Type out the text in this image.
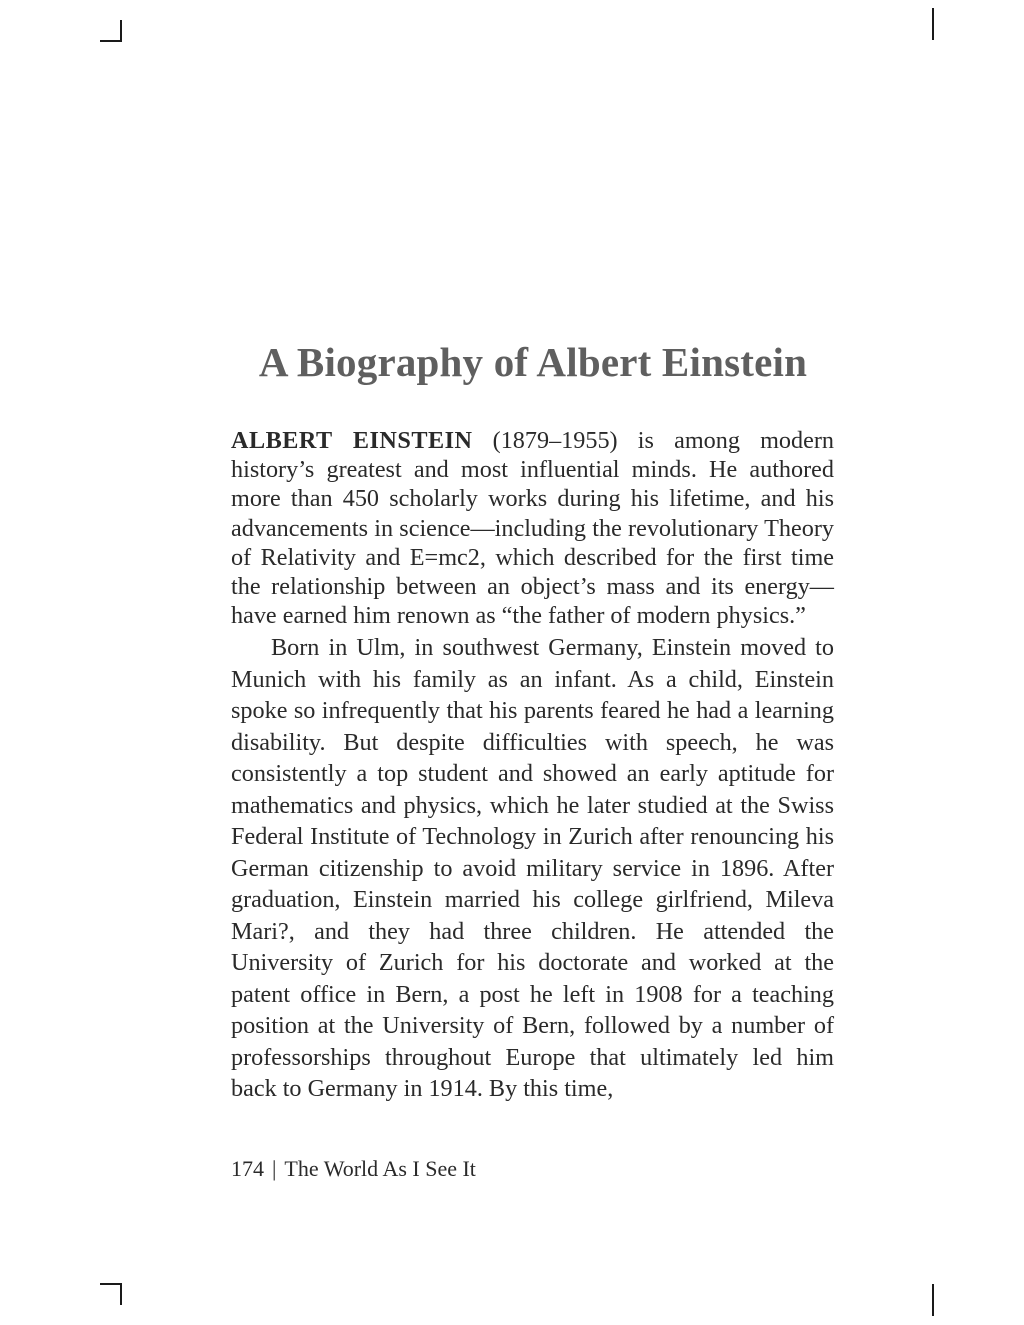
A Biography of Albert Einstein

ALBERT EINSTEIN (1879–1955) is among modern history’s greatest and most influential minds. He authored more than 450 scholarly works during his lifetime, and his advancements in science—including the revolutionary Theory of Relativity and E=mc2, which described for the first time the relationship between an object’s mass and its energy—have earned him renown as “the father of modern physics.”

Born in Ulm, in southwest Germany, Einstein moved to Munich with his family as an infant. As a child, Einstein spoke so infrequently that his parents feared he had a learning disability. But despite difficulties with speech, he was consistently a top student and showed an early aptitude for mathematics and physics, which he later studied at the Swiss Federal Institute of Technology in Zurich after renouncing his German citizenship to avoid military service in 1896. After graduation, Einstein married his college girlfriend, Mileva Mari?, and they had three children. He attended the University of Zurich for his doctorate and worked at the patent office in Bern, a post he left in 1908 for a teaching position at the University of Bern, followed by a number of professorships throughout Europe that ultimately led him back to Germany in 1914. By this time,

174 | The World As I See It
